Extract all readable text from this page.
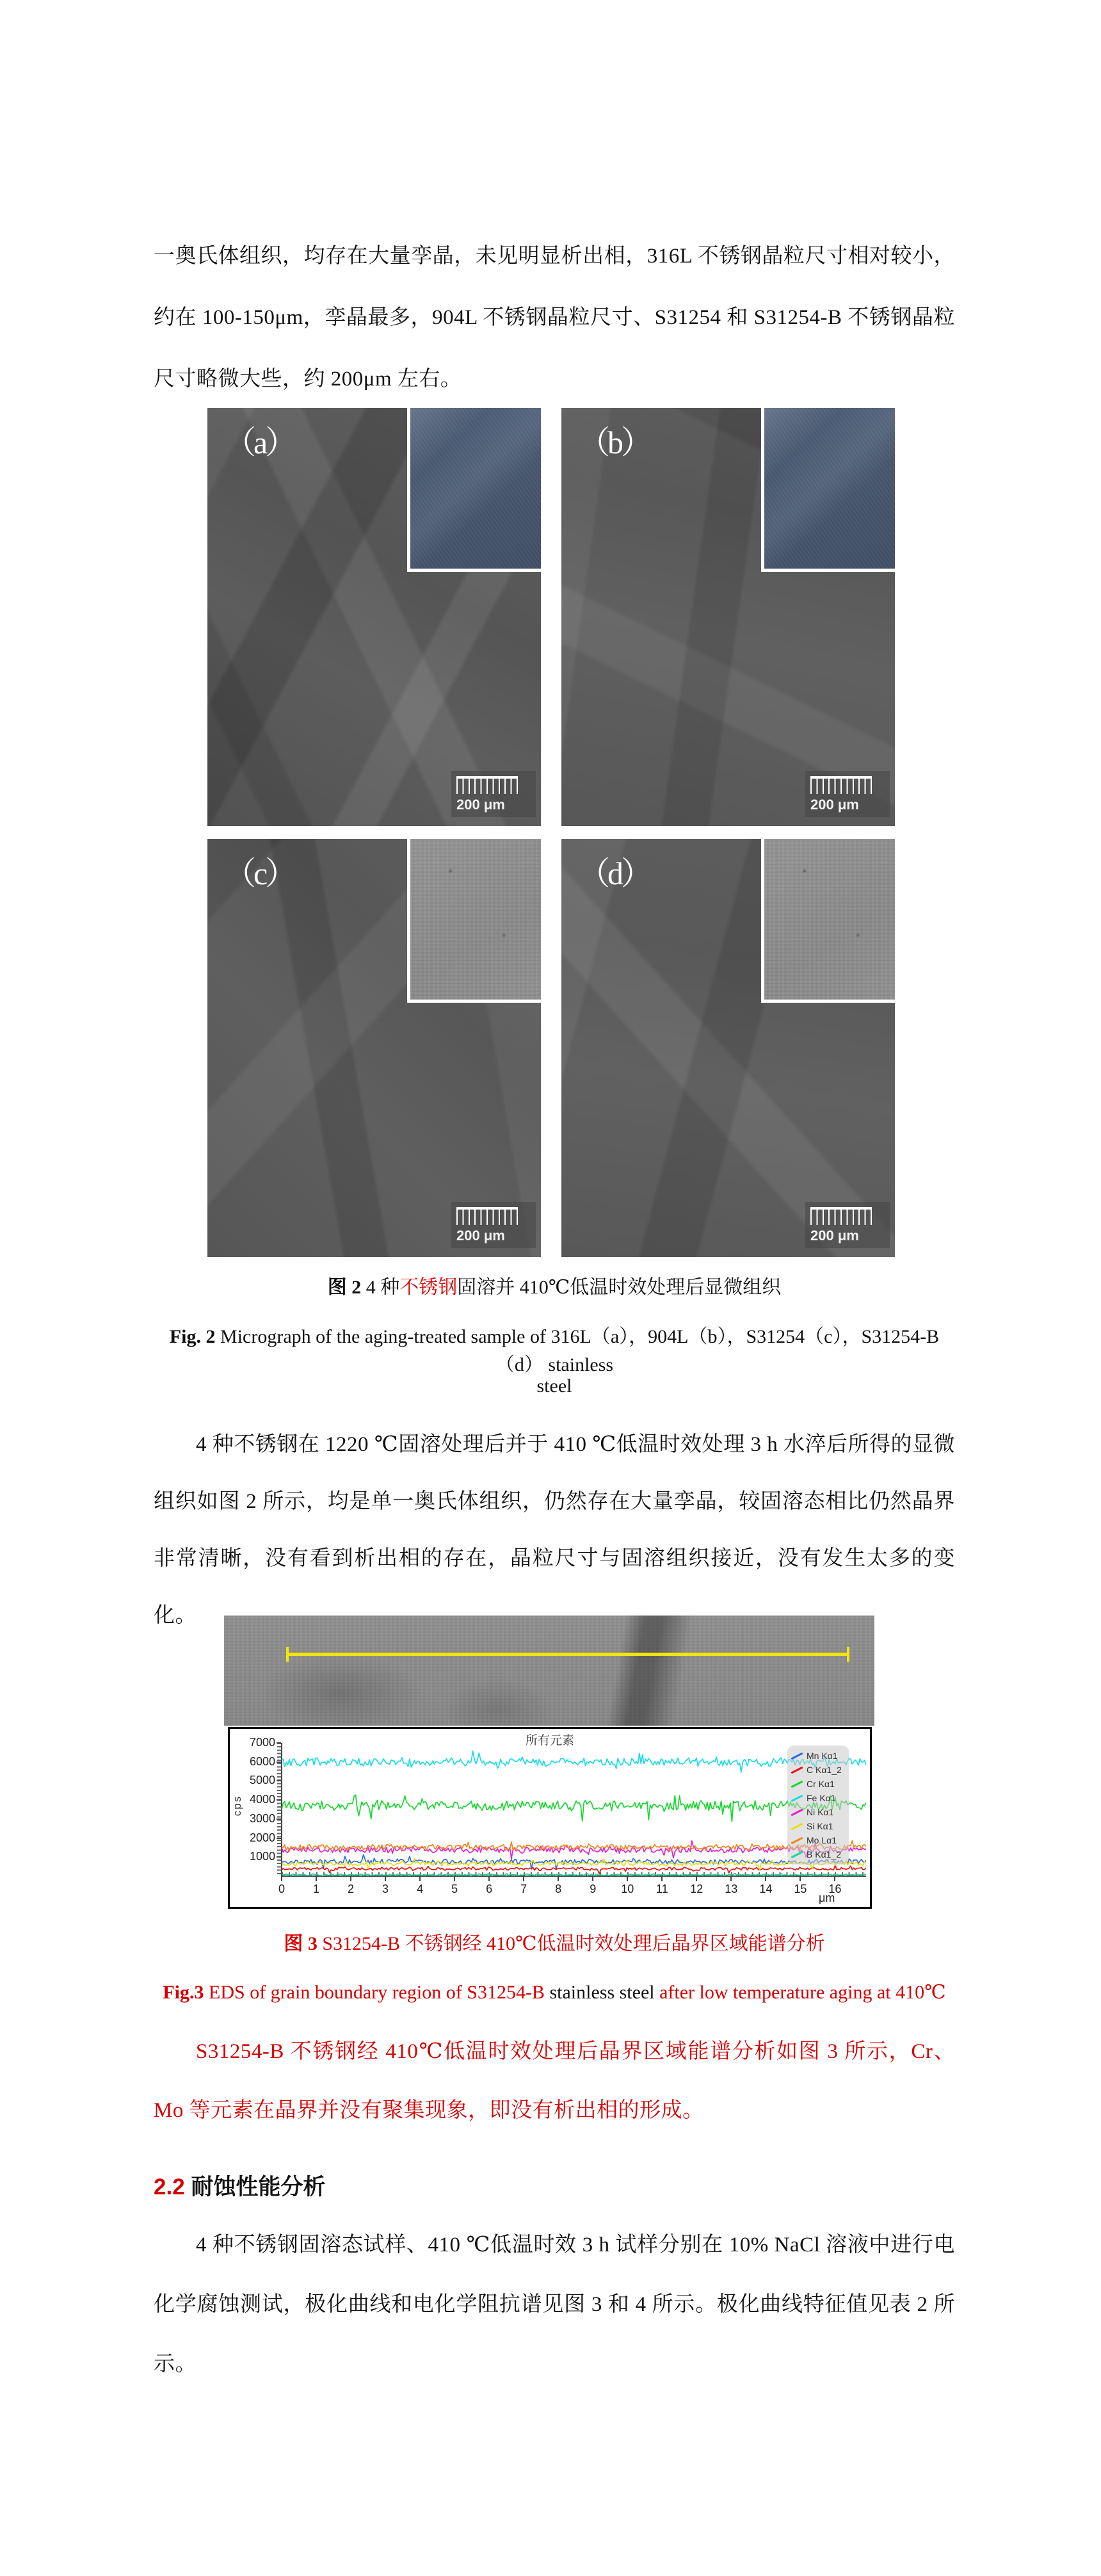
一奥氏体组织，均存在大量孪晶，未见明显析出相，316L 不锈钢晶粒尺寸相对较小，约在 100-150μm，孪晶最多，904L 不锈钢晶粒尺寸、S31254 和 S31254-B 不锈钢晶粒尺寸略微大些，约 200μm 左右。
（a）
200 μm
（b）
200 μm
（c）
200 μm
（d）
200 μm
图 2 4 种不锈钢固溶并 410℃低温时效处理后显微组织
Fig. 2 Micrograph of the aging-treated sample of 316L（a），904L（b），S31254（c），S31254-B（d） stainless
steel
4 种不锈钢在 1220 ℃固溶处理后并于 410 ℃低温时效处理 3 h 水淬后所得的显微组织如图 2 所示，均是单一奥氏体组织，仍然存在大量孪晶，较固溶态相比仍然晶界非常清晰，没有看到析出相的存在，晶粒尺寸与固溶组织接近，没有发生太多的变化。
所有元素
cps
1000
2000
3000
4000
5000
6000
7000
0	1	2	3	4	5	6	7	8	9	10	11	12	13	14	15	16
Mn Kα1
C Kα1_2
Cr Kα1
Fe Kα1
Ni Kα1
Si Kα1
Mo Lα1
B Kα1_2
μm
图 3 S31254-B 不锈钢经 410℃低温时效处理后晶界区域能谱分析
Fig.3 EDS of grain boundary region of S31254-B stainless steel after low temperature aging at 410℃
S31254-B 不锈钢经 410℃低温时效处理后晶界区域能谱分析如图 3 所示，Cr、Mo 等元素在晶界并没有聚集现象，即没有析出相的形成。
2.2 耐蚀性能分析
4 种不锈钢固溶态试样、410 ℃低温时效 3 h 试样分别在 10% NaCl 溶液中进行电化学腐蚀测试，极化曲线和电化学阻抗谱见图 3 和 4 所示。极化曲线特征值见表 2 所示。
